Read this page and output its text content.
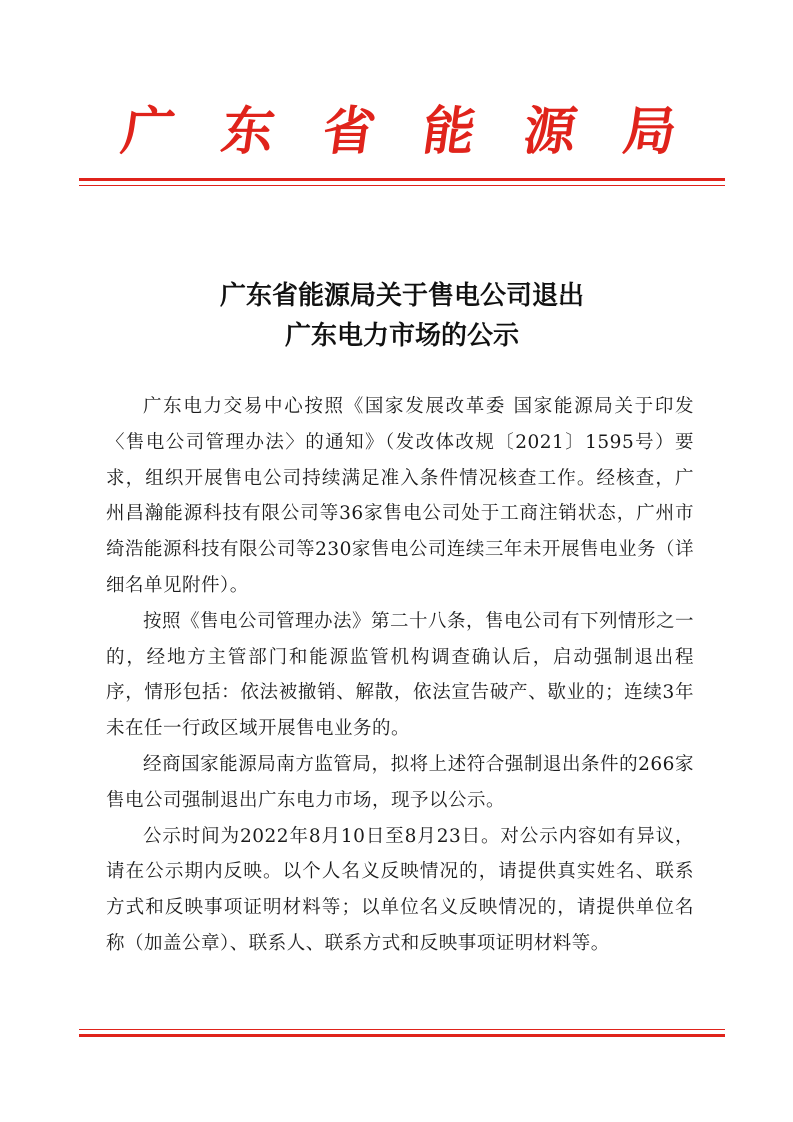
广 东 省 能 源 局
广东省能源局关于售电公司退出
广东电力市场的公示

广东电力交易中心按照《国家发展改革委 国家能源局关于印发〈售电公司管理办法〉的通知》（发改体改规〔2021〕1595号）要求，组织开展售电公司持续满足准入条件情况核查工作。经核查，广州昌瀚能源科技有限公司等36家售电公司处于工商注销状态，广州市绮浩能源科技有限公司等230家售电公司连续三年未开展售电业务（详细名单见附件）。

按照《售电公司管理办法》第二十八条，售电公司有下列情形之一的，经地方主管部门和能源监管机构调查确认后，启动强制退出程序，情形包括：依法被撤销、解散，依法宣告破产、歇业的；连续3年未在任一行政区域开展售电业务的。

经商国家能源局南方监管局，拟将上述符合强制退出条件的266家售电公司强制退出广东电力市场，现予以公示。

公示时间为2022年8月10日至8月23日。对公示内容如有异议，请在公示期内反映。以个人名义反映情况的，请提供真实姓名、联系方式和反映事项证明材料等；以单位名义反映情况的，请提供单位名称（加盖公章）、联系人、联系方式和反映事项证明材料等。
